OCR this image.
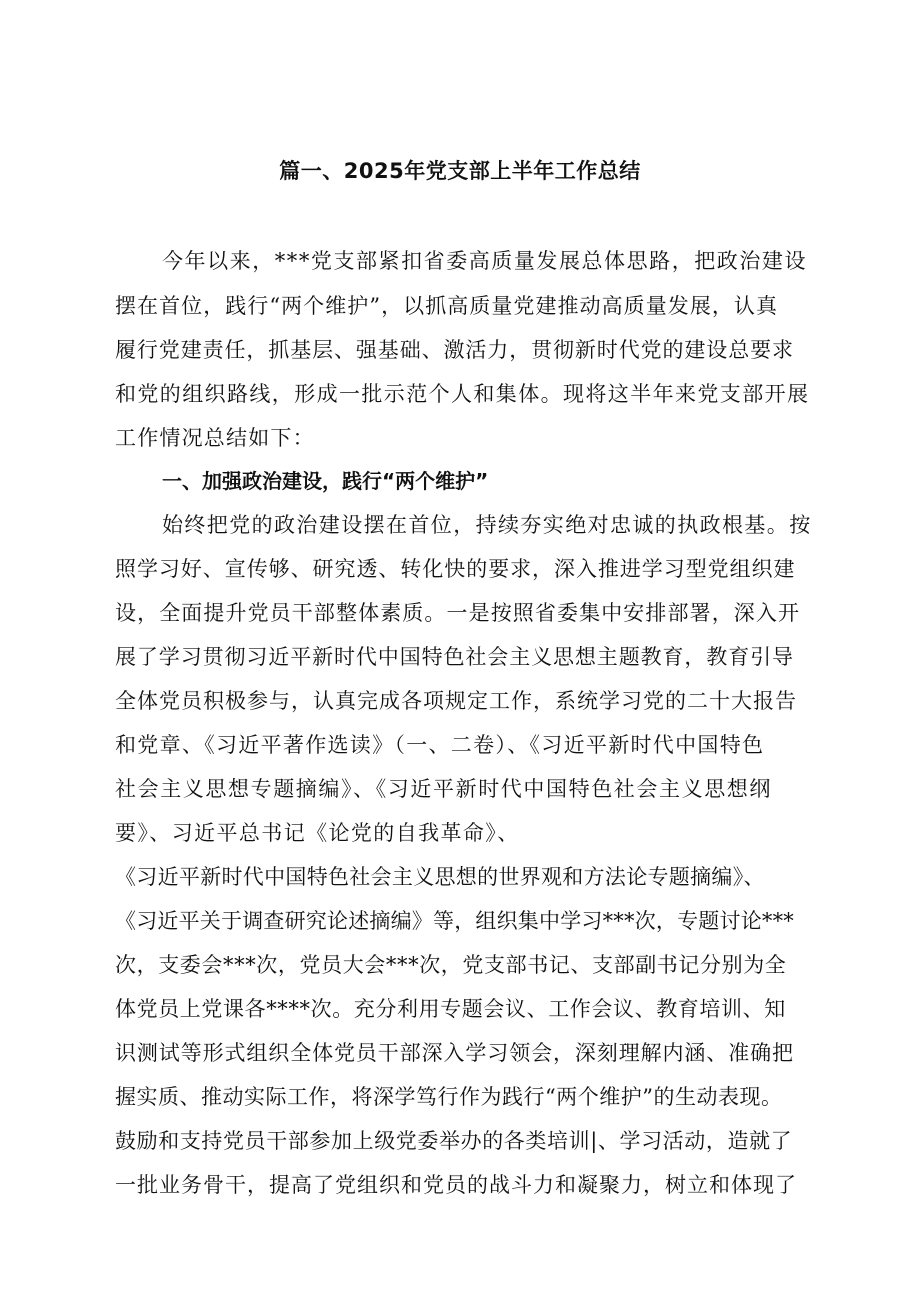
篇一、2025年党支部上半年工作总结
今年以来，***党支部紧扣省委高质量发展总体思路，把政治建设
摆在首位，践行“两个维护”，以抓高质量党建推动高质量发展，认真
履行党建责任，抓基层、强基础、激活力，贯彻新时代党的建设总要求
和党的组织路线，形成一批示范个人和集体。现将这半年来党支部开展
工作情况总结如下：
一、加强政治建设，践行“两个维护”
始终把党的政治建设摆在首位，持续夯实绝对忠诚的执政根基。按
照学习好、宣传够、研究透、转化快的要求，深入推进学习型党组织建
设，全面提升党员干部整体素质。一是按照省委集中安排部署，深入开
展了学习贯彻习近平新时代中国特色社会主义思想主题教育，教育引导
全体党员积极参与，认真完成各项规定工作，系统学习党的二十大报告
和党章、《习近平著作选读》（一、二卷）、《习近平新时代中国特色
社会主义思想专题摘编》、《习近平新时代中国特色社会主义思想纲
要》、习近平总书记《论党的自我革命》、
《习近平新时代中国特色社会主义思想的世界观和方法论专题摘编》、
《习近平关于调查研究论述摘编》等，组织集中学习***次，专题讨论***
次，支委会***次，党员大会***次，党支部书记、支部副书记分别为全
体党员上党课各****次。充分利用专题会议、工作会议、教育培训、知
识测试等形式组织全体党员干部深入学习领会，深刻理解内涵、准确把
握实质、推动实际工作，将深学笃行作为践行“两个维护”的生动表现。
鼓励和支持党员干部参加上级党委举办的各类培训|、学习活动，造就了
一批业务骨干，提高了党组织和党员的战斗力和凝聚力，树立和体现了
